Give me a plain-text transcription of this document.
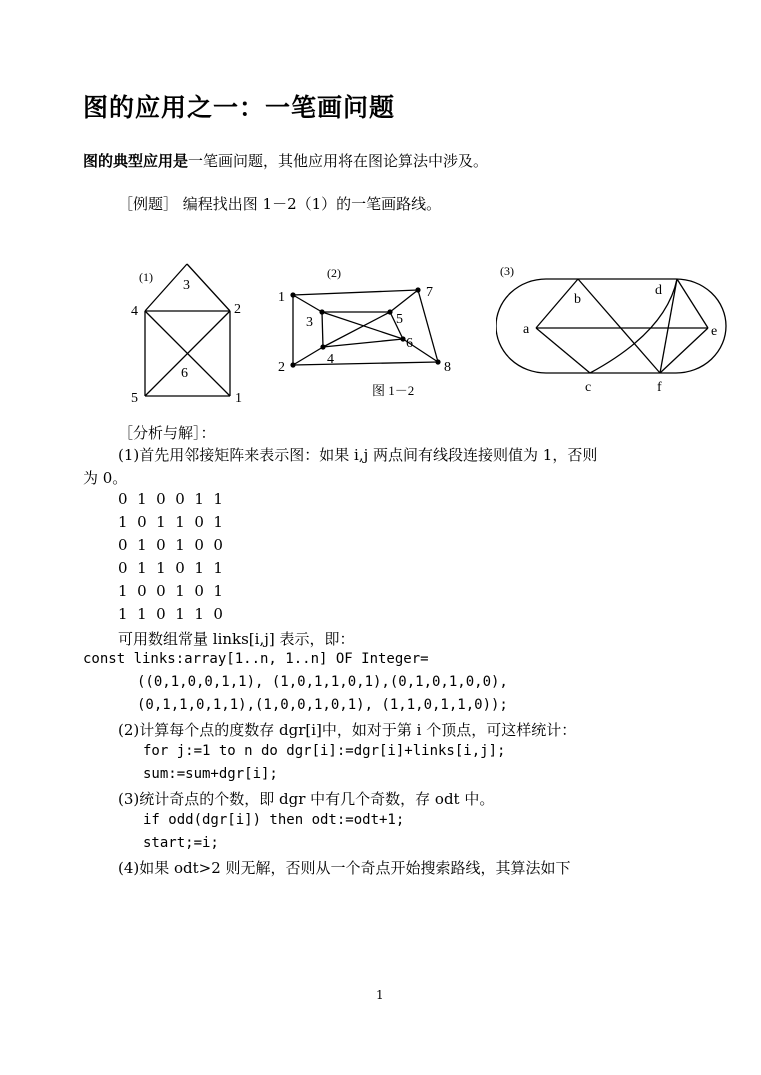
图的应用之一：一笔画问题
图的典型应用是一笔画问题，其他应用将在图论算法中涉及。
［例题］ 编程找出图 1－2（1）的一笔画路线。

(1)
3
4	2
6
5	1

(2)
1
2
3
4
5
6
7
8
图 1－2

(3)
a
b
c
d
e
f

［分析与解］：
(1)首先用邻接矩阵来表示图：如果 i,j 两点间有线段连接则值为 1，否则
为 0。
0  1  0  0  1  1
1  0  1  1  0  1
0  1  0  1  0  0
0  1  1  0  1  1
1  0  0  1  0  1
1  1  0  1  1  0
可用数组常量 links[i,j] 表示，即：
const links:array[1..n, 1..n] OF Integer=
((0,1,0,0,1,1), (1,0,1,1,0,1),(0,1,0,1,0,0),
(0,1,1,0,1,1),(1,0,0,1,0,1), (1,1,0,1,1,0));
(2)计算每个点的度数存 dgr[i]中，如对于第 i 个顶点，可这样统计：
for j:=1 to n do dgr[i]:=dgr[i]+links[i,j];
sum:=sum+dgr[i];
(3)统计奇点的个数，即 dgr 中有几个奇数，存 odt 中。
if odd(dgr[i]) then odt:=odt+1;
start;=i;
(4)如果 odt>2 则无解，否则从一个奇点开始搜索路线，其算法如下
1
